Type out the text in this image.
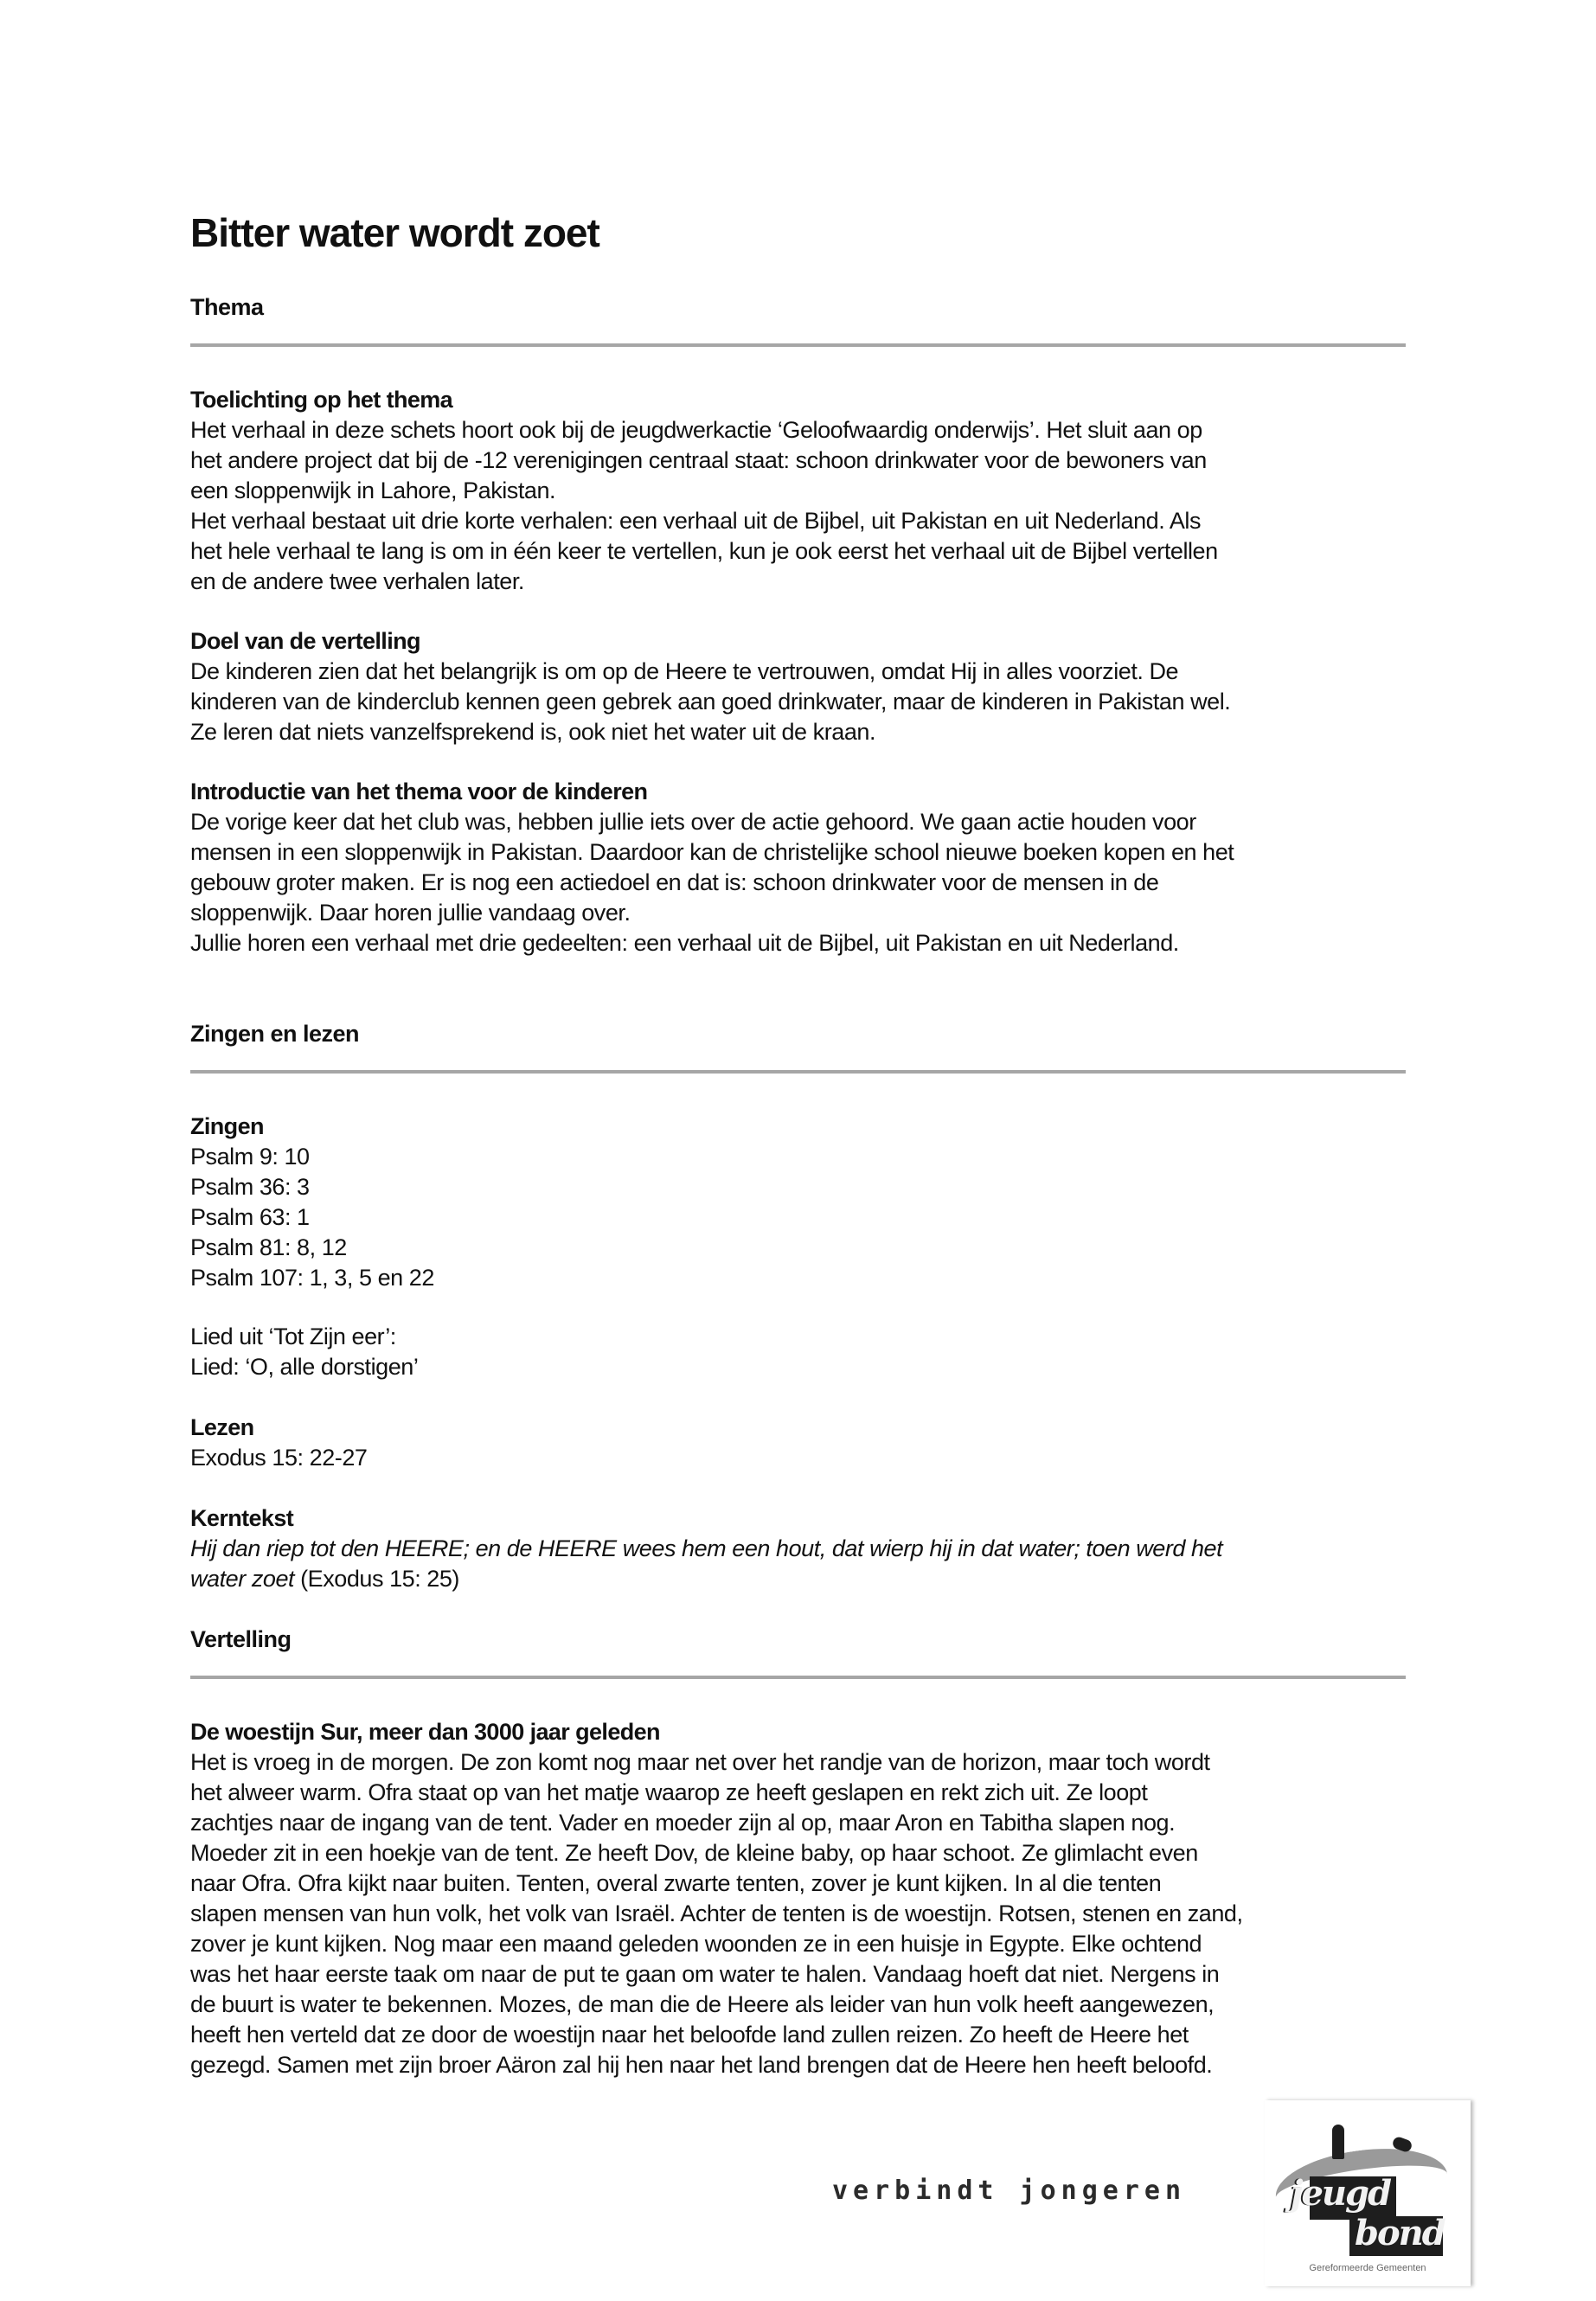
Bitter water wordt zoet
Thema
Toelichting op het thema
Het verhaal in deze schets hoort ook bij de jeugdwerkactie ‘Geloofwaardig onderwijs’. Het sluit aan op
het andere project dat bij de -12 verenigingen centraal staat: schoon drinkwater voor de bewoners van
een sloppenwijk in Lahore, Pakistan.
Het verhaal bestaat uit drie korte verhalen: een verhaal uit de Bijbel, uit Pakistan en uit Nederland. Als
het hele verhaal te lang is om in één keer te vertellen, kun je ook eerst het verhaal uit de Bijbel vertellen
en de andere twee verhalen later.
Doel van de vertelling
De kinderen zien dat het belangrijk is om op de Heere te vertrouwen, omdat Hij in alles voorziet. De
kinderen van de kinderclub kennen geen gebrek aan goed drinkwater, maar de kinderen in Pakistan wel.
Ze leren dat niets vanzelfsprekend is, ook niet het water uit de kraan.
Introductie van het thema voor de kinderen
De vorige keer dat het club was, hebben jullie iets over de actie gehoord. We gaan actie houden voor
mensen in een sloppenwijk in Pakistan. Daardoor kan de christelijke school nieuwe boeken kopen en het
gebouw groter maken. Er is nog een actiedoel en dat is: schoon drinkwater voor de mensen in de
sloppenwijk. Daar horen jullie vandaag over.
Jullie horen een verhaal met drie gedeelten: een verhaal uit de Bijbel, uit Pakistan en uit Nederland.
Zingen en lezen
Zingen
Psalm 9: 10
Psalm 36: 3
Psalm 63: 1
Psalm 81: 8, 12
Psalm 107: 1, 3, 5 en 22
Lied uit ‘Tot Zijn eer’:
Lied: ‘O, alle dorstigen’
Lezen
Exodus 15: 22-27
Kerntekst
Hij dan riep tot den HEERE; en de HEERE wees hem een hout, dat wierp hij in dat water; toen werd het
water zoet (Exodus 15: 25)
Vertelling
De woestijn Sur, meer dan 3000 jaar geleden
Het is vroeg in de morgen. De zon komt nog maar net over het randje van de horizon, maar toch wordt
het alweer warm. Ofra staat op van het matje waarop ze heeft geslapen en rekt zich uit. Ze loopt
zachtjes naar de ingang van de tent. Vader en moeder zijn al op, maar Aron en Tabitha slapen nog.
Moeder zit in een hoekje van de tent. Ze heeft Dov, de kleine baby, op haar schoot. Ze glimlacht even
naar Ofra. Ofra kijkt naar buiten. Tenten, overal zwarte tenten, zover je kunt kijken. In al die tenten
slapen mensen van hun volk, het volk van Israël. Achter de tenten is de woestijn. Rotsen, stenen en zand,
zover je kunt kijken. Nog maar een maand geleden woonden ze in een huisje in Egypte. Elke ochtend
was het haar eerste taak om naar de put te gaan om water te halen. Vandaag hoeft dat niet. Nergens in
de buurt is water te bekennen. Mozes, de man die de Heere als leider van hun volk heeft aangewezen,
heeft hen verteld dat ze door de woestijn naar het beloofde land zullen reizen. Zo heeft de Heere het
gezegd. Samen met zijn broer Aäron zal hij hen naar het land brengen dat de Heere hen heeft beloofd.
verbindt jongeren	jeugd
bond
Gereformeerde Gemeenten
